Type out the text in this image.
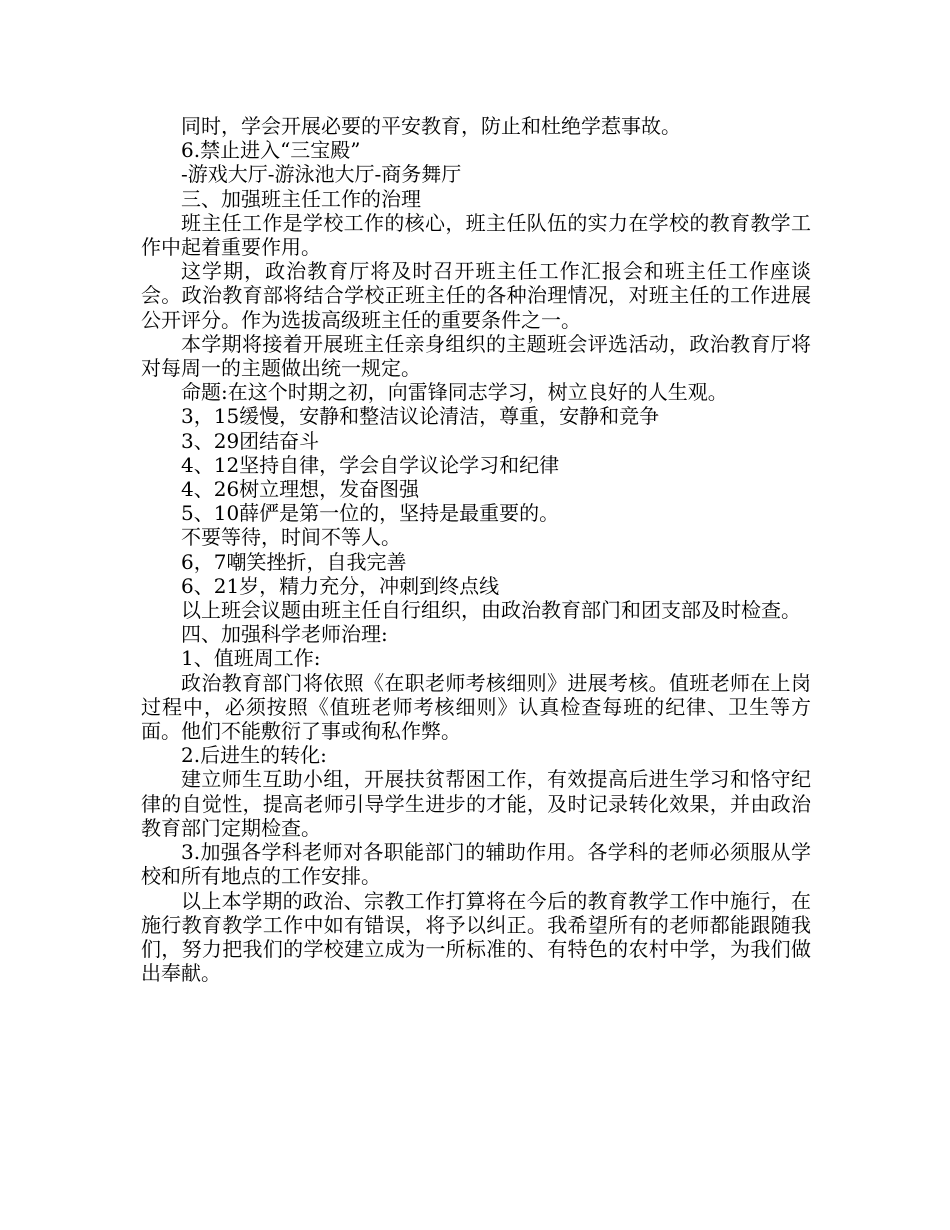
同时，学会开展必要的平安教育，防止和杜绝学惹事故。

6.禁止进入“三宝殿”

-游戏大厅-游泳池大厅-商务舞厅

三、加强班主任工作的治理

班主任工作是学校工作的核心，班主任队伍的实力在学校的教育教学工作中起着重要作用。

这学期，政治教育厅将及时召开班主任工作汇报会和班主任工作座谈会。政治教育部将结合学校正班主任的各种治理情况，对班主任的工作进展公开评分。作为选拔高级班主任的重要条件之一。

本学期将接着开展班主任亲身组织的主题班会评选活动，政治教育厅将对每周一的主题做出统一规定。

命题:在这个时期之初，向雷锋同志学习，树立良好的人生观。

3，15缓慢，安静和整洁议论清洁，尊重，安静和竞争

3、29团结奋斗

4、12坚持自律，学会自学议论学习和纪律

4、26树立理想，发奋图强

5、10薛俨是第一位的，坚持是最重要的。

不要等待，时间不等人。

6，7嘲笑挫折，自我完善

6、21岁，精力充分，冲刺到终点线

以上班会议题由班主任自行组织，由政治教育部门和团支部及时检查。

四、加强科学老师治理:

1、值班周工作:

政治教育部门将依照《在职老师考核细则》进展考核。值班老师在上岗过程中，必须按照《值班老师考核细则》认真检查每班的纪律、卫生等方面。他们不能敷衍了事或徇私作弊。

2.后进生的转化:

建立师生互助小组，开展扶贫帮困工作，有效提高后进生学习和恪守纪律的自觉性，提高老师引导学生进步的才能，及时记录转化效果，并由政治教育部门定期检查。

3.加强各学科老师对各职能部门的辅助作用。各学科的老师必须服从学校和所有地点的工作安排。

以上本学期的政治、宗教工作打算将在今后的教育教学工作中施行，在施行教育教学工作中如有错误，将予以纠正。我希望所有的老师都能跟随我们，努力把我们的学校建立成为一所标准的、有特色的农村中学，为我们做出奉献。
